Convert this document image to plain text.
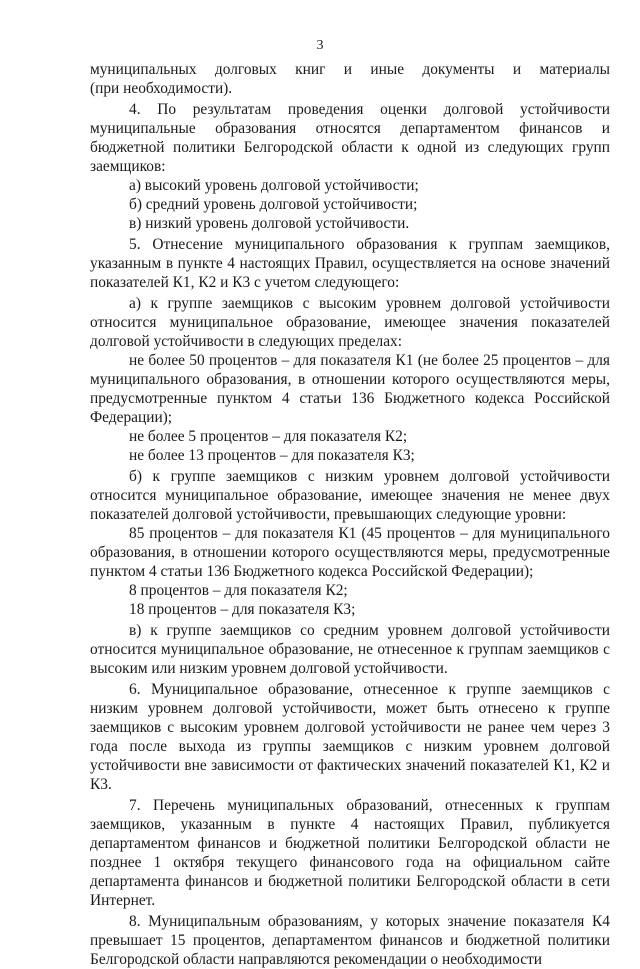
3

муниципальных долговых книг и иные документы и материалы

(при необходимости).

4. По результатам проведения оценки долговой устойчивости муниципальные образования относятся департаментом финансов и бюджетной политики Белгородской области к одной из следующих групп заемщиков:

а) высокий уровень долговой устойчивости;

б) средний уровень долговой устойчивости;

в) низкий уровень долговой устойчивости.

5. Отнесение муниципального образования к группам заемщиков, указанным в пункте 4 настоящих Правил, осуществляется на основе значений показателей К1, К2 и К3 с учетом следующего:

а) к группе заемщиков с высоким уровнем долговой устойчивости относится муниципальное образование, имеющее значения показателей долговой устойчивости в следующих пределах:

не более 50 процентов – для показателя К1 (не более 25 процентов – для муниципального образования, в отношении которого осуществляются меры, предусмотренные пунктом 4 статьи 136 Бюджетного кодекса Российской Федерации);

не более 5 процентов – для показателя К2;

не более 13 процентов – для показателя К3;

б) к группе заемщиков с низким уровнем долговой устойчивости относится муниципальное образование, имеющее значения не менее двух показателей долговой устойчивости, превышающих следующие уровни:

85 процентов – для показателя К1 (45 процентов – для муниципального образования, в отношении которого осуществляются меры, предусмотренные пунктом 4 статьи 136 Бюджетного кодекса Российской Федерации);

8 процентов – для показателя К2;

18 процентов – для показателя К3;

в) к группе заемщиков со средним уровнем долговой устойчивости относится муниципальное образование, не отнесенное к группам заемщиков с высоким или низким уровнем долговой устойчивости.

6. Муниципальное образование, отнесенное к группе заемщиков с низким уровнем долговой устойчивости, может быть отнесено к группе заемщиков с высоким уровнем долговой устойчивости не ранее чем через 3 года после выхода из группы заемщиков с низким уровнем долговой устойчивости вне зависимости от фактических значений показателей К1, К2 и К3.

7. Перечень муниципальных образований, отнесенных к группам заемщиков, указанным в пункте 4 настоящих Правил, публикуется департаментом финансов и бюджетной политики Белгородской области не позднее 1 октября текущего финансового года на официальном сайте департамента финансов и бюджетной политики Белгородской области в сети Интернет.

8. Муниципальным образованиям, у которых значение показателя К4 превышает 15 процентов, департаментом финансов и бюджетной политики Белгородской области направляются рекомендации о необходимости
